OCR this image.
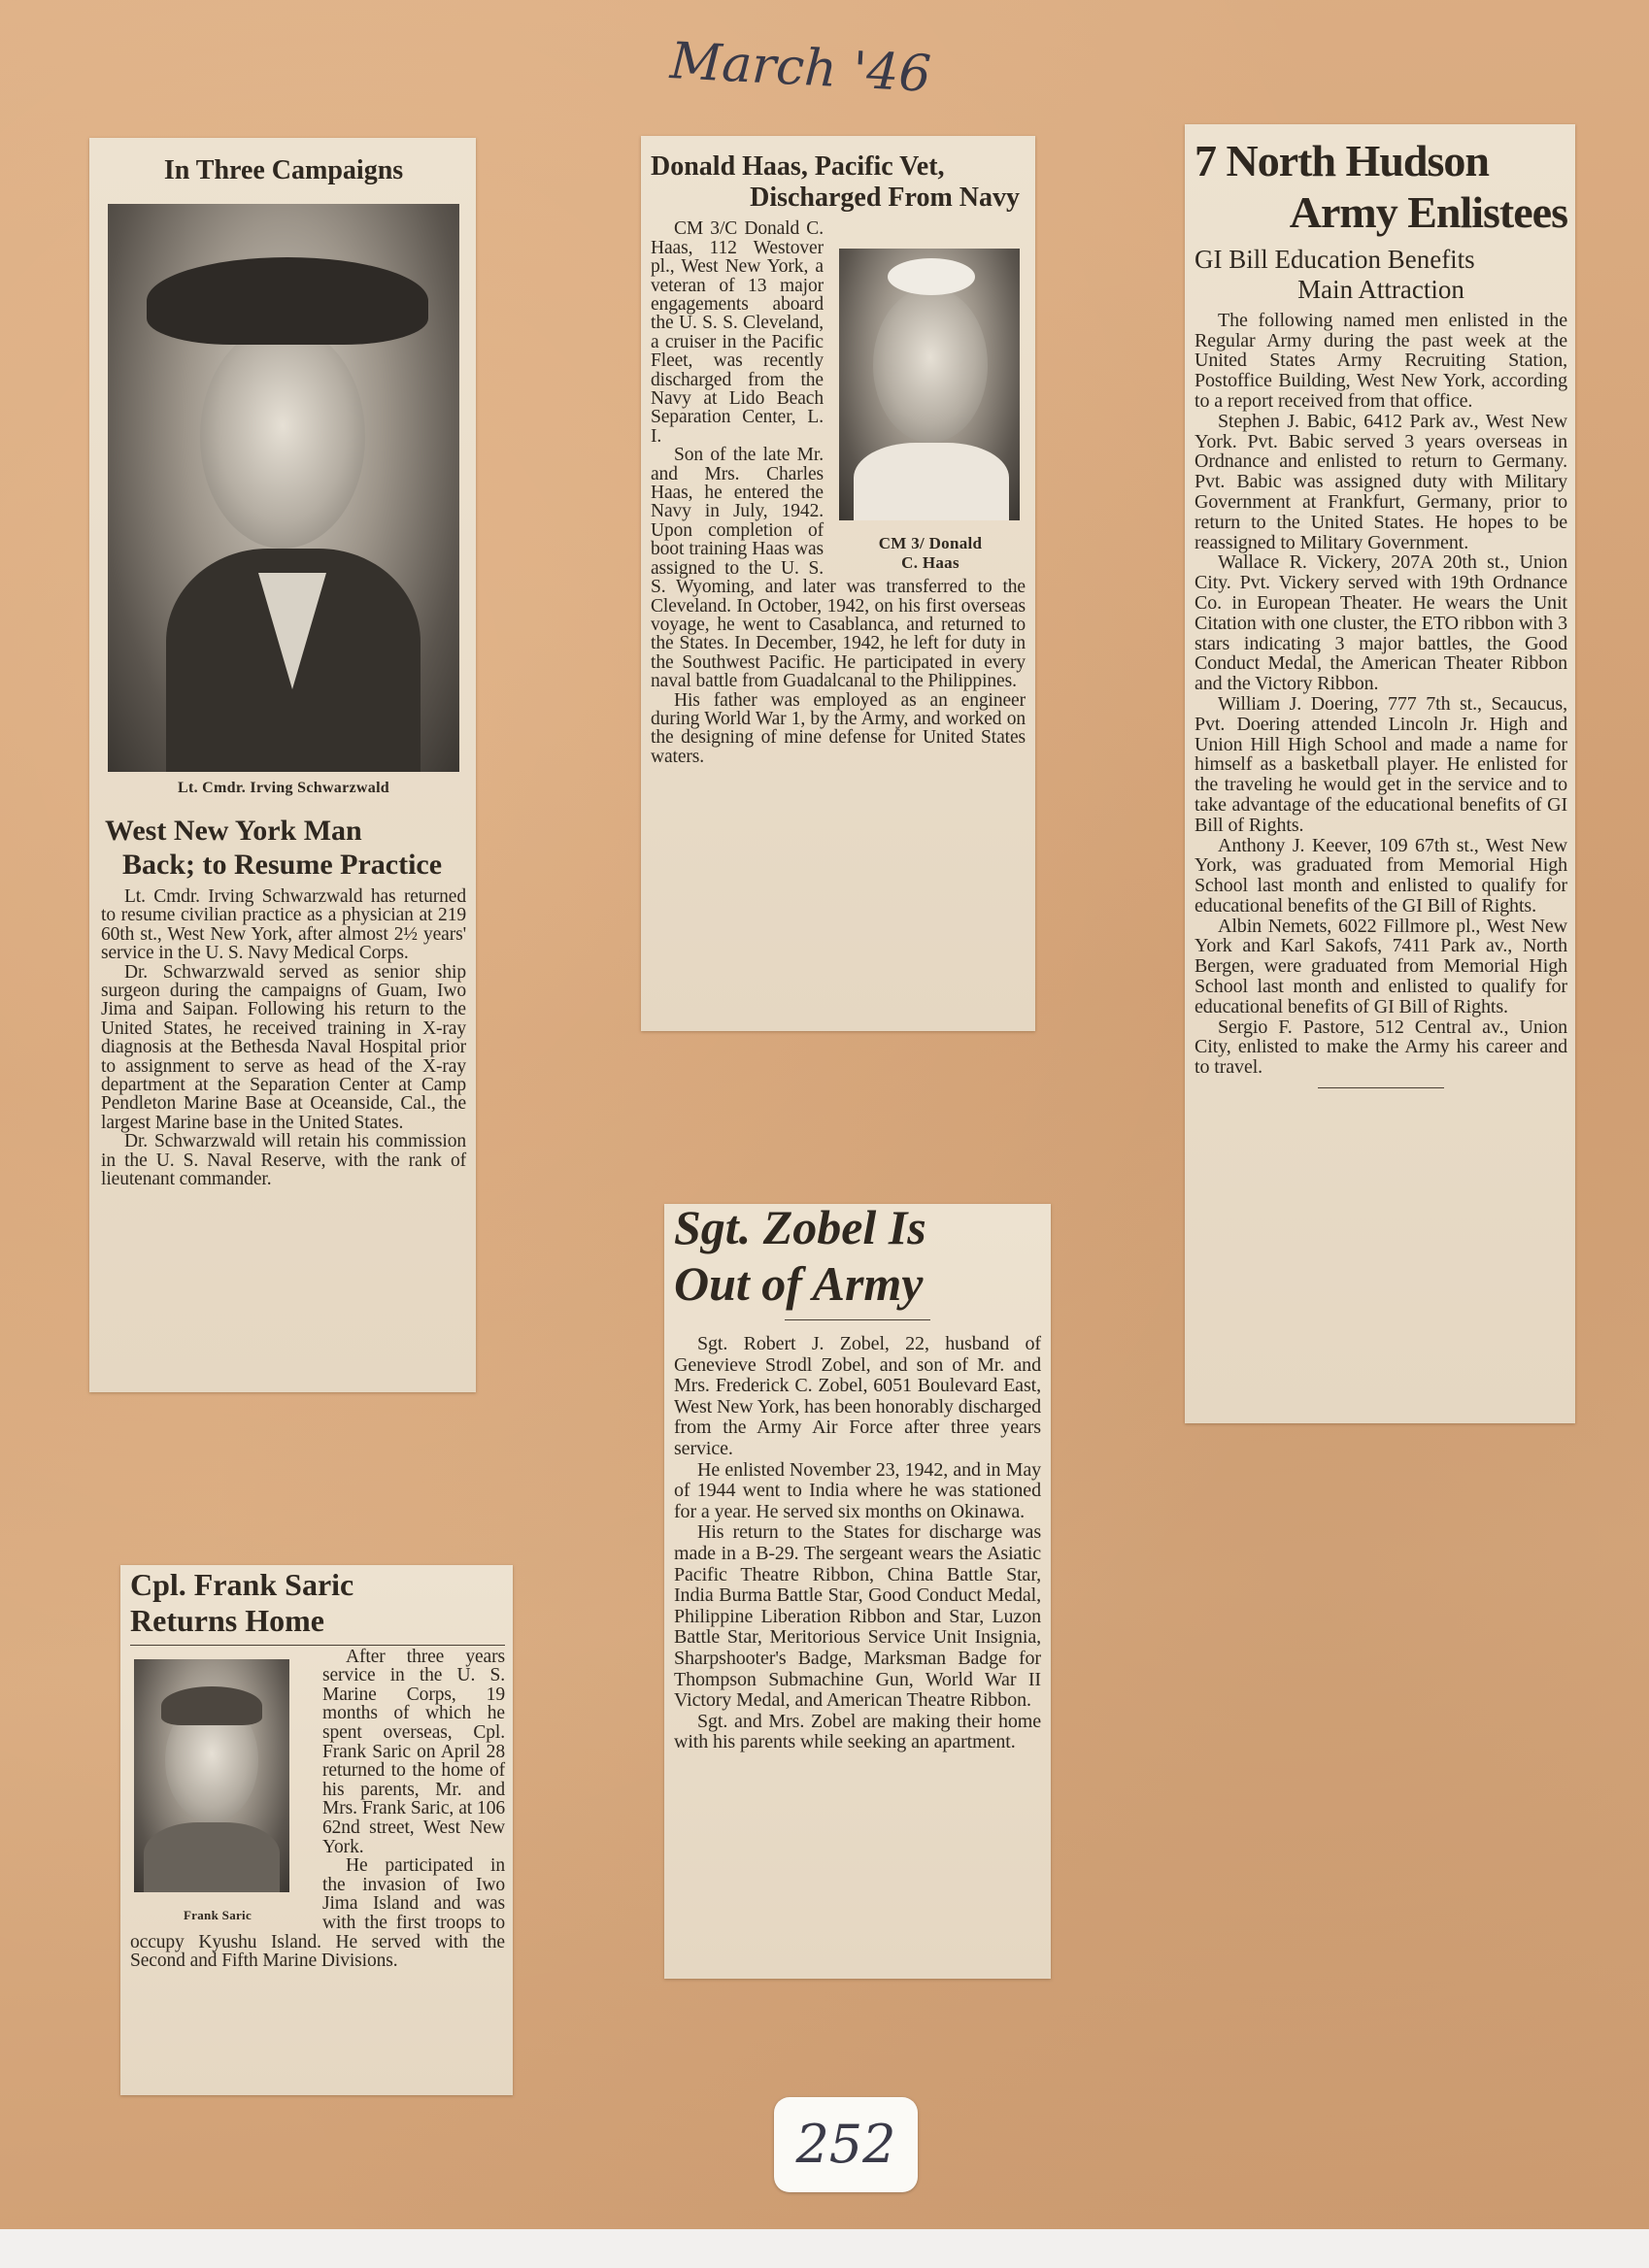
March '46
In Three Campaigns
Lt. Cmdr. Irving Schwarzwald
West New York Man
Back; to Resume Practice

Lt. Cmdr. Irving Schwarzwald has returned to resume civilian practice as a physician at 219 60th st., West New York, after almost 2½ years' service in the U. S. Navy Medical Corps.

Dr. Schwarzwald served as senior ship surgeon during the campaigns of Guam, Iwo Jima and Saipan. Following his return to the United States, he received training in X-ray diagnosis at the Bethesda Naval Hospital prior to assignment to serve as head of the X-ray department at the Separation Center at Camp Pendleton Marine Base at Oceanside, Cal., the largest Marine base in the United States.

Dr. Schwarzwald will retain his commission in the U. S. Naval Reserve, with the rank of lieutenant commander.

Donald Haas, Pacific Vet,
Discharged From Navy
CM 3/ Donald
C. Haas

CM 3/C Donald C. Haas, 112 Westover pl., West New York, a veteran of 13 major engagements aboard the U. S. S. Cleveland, a cruiser in the Pacific Fleet, was recently discharged from the Navy at Lido Beach Separation Center, L. I.

Son of the late Mr. and Mrs. Charles Haas, he entered the Navy in July, 1942. Upon completion of boot training Haas was assigned to the U. S. S. Wyoming, and later was transferred to the Cleveland. In October, 1942, on his first overseas voyage, he went to Casablanca, and returned to the States. In December, 1942, he left for duty in the Southwest Pacific. He participated in every naval battle from Guadalcanal to the Philippines.

His father was employed as an engineer during World War 1, by the Army, and worked on the designing of mine defense for United States waters.

7 North Hudson
Army Enlistees
GI Bill Education Benefits
Main Attraction

The following named men enlisted in the Regular Army during the past week at the United States Army Recruiting Station, Postoffice Building, West New York, according to a report received from that office.

Stephen J. Babic, 6412 Park av., West New York. Pvt. Babic served 3 years overseas in Ordnance and enlisted to return to Germany. Pvt. Babic was assigned duty with Military Government at Frankfurt, Germany, prior to return to the United States. He hopes to be reassigned to Military Government.

Wallace R. Vickery, 207A 20th st., Union City. Pvt. Vickery served with 19th Ordnance Co. in European Theater. He wears the Unit Citation with one cluster, the ETO ribbon with 3 stars indicating 3 major battles, the Good Conduct Medal, the American Theater Ribbon and the Victory Ribbon.

William J. Doering, 777 7th st., Secaucus, Pvt. Doering attended Lincoln Jr. High and Union Hill High School and made a name for himself as a basketball player. He enlisted for the traveling he would get in the service and to take advantage of the educational benefits of GI Bill of Rights.

Anthony J. Keever, 109 67th st., West New York, was graduated from Memorial High School last month and enlisted to qualify for educational benefits of the GI Bill of Rights.

Albin Nemets, 6022 Fillmore pl., West New York and Karl Sakofs, 7411 Park av., North Bergen, were graduated from Memorial High School last month and enlisted to qualify for educational benefits of GI Bill of Rights.

Sergio F. Pastore, 512 Central av., Union City, enlisted to make the Army his career and to travel.

Sgt. Zobel Is
Out of Army

Sgt. Robert J. Zobel, 22, husband of Genevieve Strodl Zobel, and son of Mr. and Mrs. Frederick C. Zobel, 6051 Boulevard East, West New York, has been honorably discharged from the Army Air Force after three years service.

He enlisted November 23, 1942, and in May of 1944 went to India where he was stationed for a year. He served six months on Okinawa.

His return to the States for discharge was made in a B-29. The sergeant wears the Asiatic Pacific Theatre Ribbon, China Battle Star, India Burma Battle Star, Good Conduct Medal, Philippine Liberation Ribbon and Star, Luzon Battle Star, Meritorious Service Unit Insignia, Sharpshooter's Badge, Marksman Badge for Thompson Submachine Gun, World War II Victory Medal, and American Theatre Ribbon.

Sgt. and Mrs. Zobel are making their home with his parents while seeking an apartment.

Cpl. Frank Saric
Returns Home
Frank Saric

After three years service in the U. S. Marine Corps, 19 months of which he spent overseas, Cpl. Frank Saric on April 28 returned to the home of his parents, Mr. and Mrs. Frank Saric, at 106 62nd street, West New York.

He participated in the invasion of Iwo Jima Island and was with the first troops to occupy Kyushu Island. He served with the Second and Fifth Marine Divisions.

252
